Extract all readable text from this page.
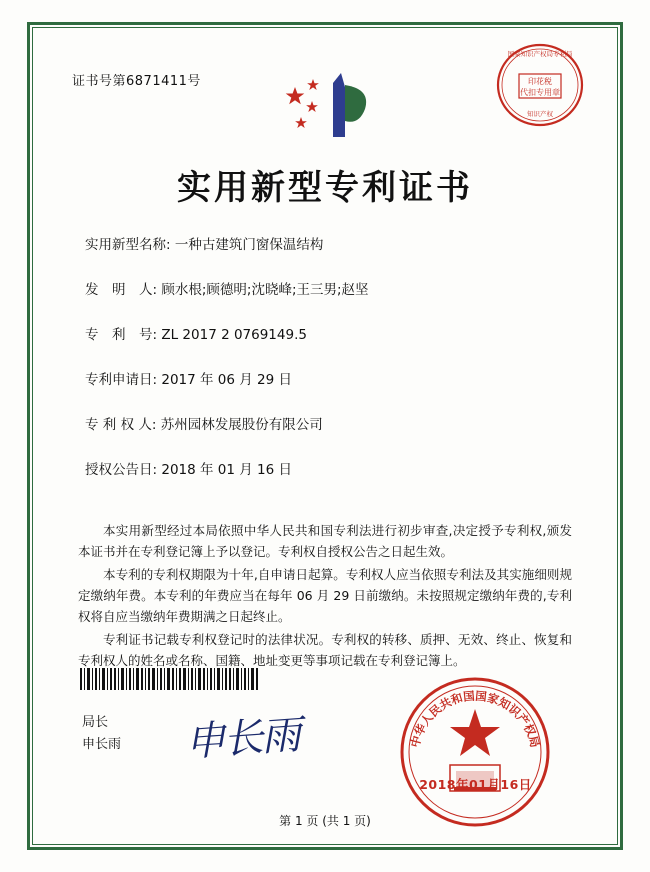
证书号第6871411号	印花税
代扣专用章
国家知识产权局专利局
知识产权
实用新型专利证书
实用新型名称: 一种古建筑门窗保温结构
发　明　人: 顾水根;顾德明;沈晓峰;王三男;赵坚
专　利　号: ZL 2017 2 0769149.5
专利申请日: 2017 年 06 月 29 日
专 利 权 人: 苏州园林发展股份有限公司
授权公告日: 2018 年 01 月 16 日

本实用新型经过本局依照中华人民共和国专利法进行初步审查,决定授予专利权,颁发本证书并在专利登记簿上予以登记。专利权自授权公告之日起生效。

本专利的专利权期限为十年,自申请日起算。专利权人应当依照专利法及其实施细则规定缴纳年费。本专利的年费应当在每年 06 月 29 日前缴纳。未按照规定缴纳年费的,专利权将自应当缴纳年费期满之日起终止。

专利证书记载专利权登记时的法律状况。专利权的转移、质押、无效、终止、恢复和专利权人的姓名或名称、国籍、地址变更等事项记载在专利登记簿上。

局长
申长雨 申长雨	中华人民共和国国家知识产权局
2018年01月16日
第 1 页 (共 1 页)
